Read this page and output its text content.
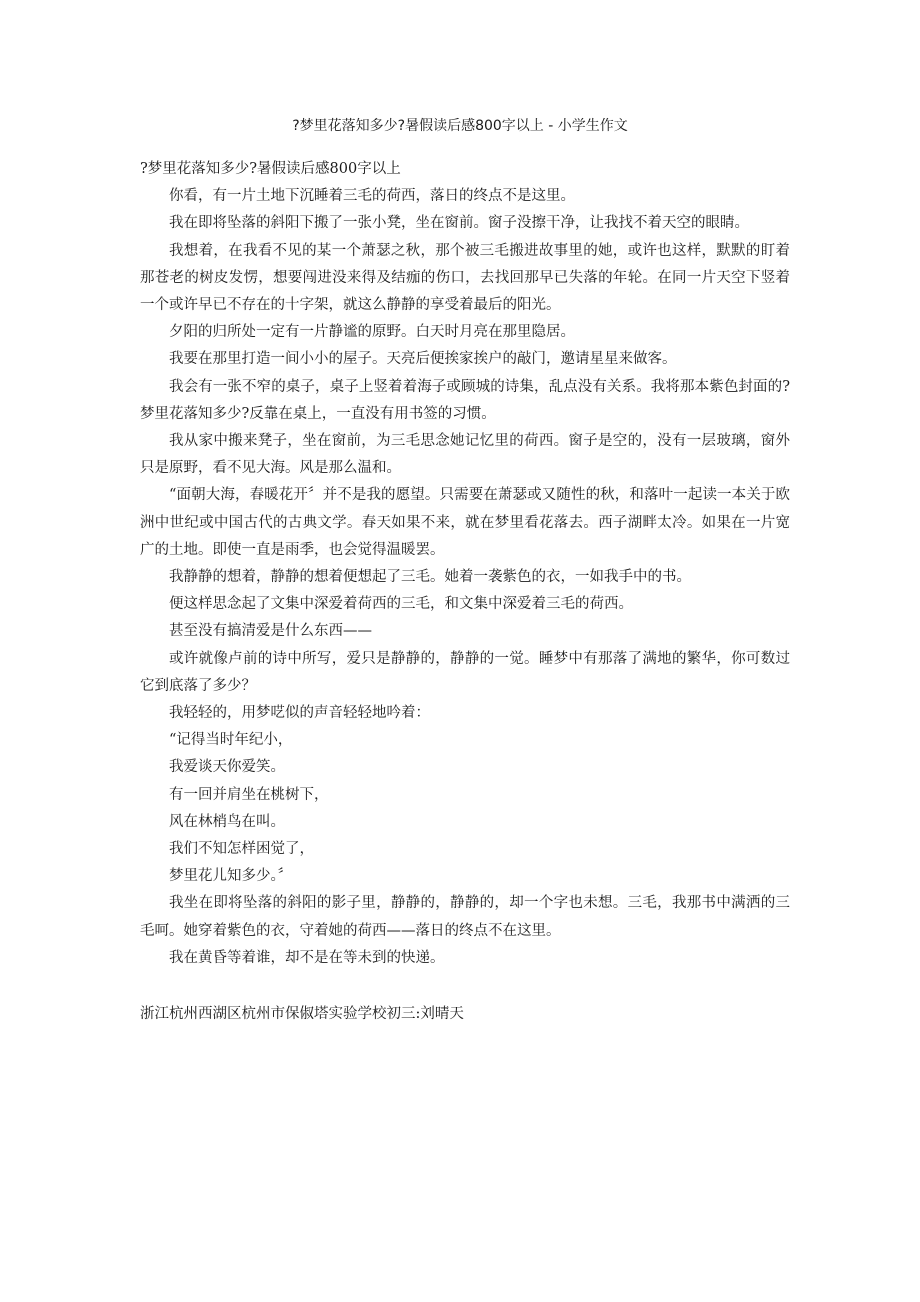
?梦里花落知多少?暑假读后感800字以上 - 小学生作文
?梦里花落知多少?暑假读后感800字以上

你看，有一片土地下沉睡着三毛的荷西，落日的终点不是这里。

我在即将坠落的斜阳下搬了一张小凳，坐在窗前。窗子没擦干净，让我找不着天空的眼睛。

我想着，在我看不见的某一个萧瑟之秋，那个被三毛搬进故事里的她，或许也这样，默默的盯着那苍老的树皮发愣，想要闯进没来得及结痂的伤口，去找回那早已失落的年轮。在同一片天空下竖着一个或许早已不存在的十字架，就这么静静的享受着最后的阳光。

夕阳的归所处一定有一片静谧的原野。白天时月亮在那里隐居。

我要在那里打造一间小小的屋子。天亮后便挨家挨户的敲门，邀请星星来做客。

我会有一张不窄的桌子，桌子上竖着着海子或顾城的诗集，乱点没有关系。我将那本紫色封面的?梦里花落知多少?反靠在桌上，一直没有用书签的习惯。

我从家中搬来凳子，坐在窗前，为三毛思念她记忆里的荷西。窗子是空的，没有一层玻璃，窗外只是原野，看不见大海。风是那么温和。

“面朝大海，春暖花开〞并不是我的愿望。只需要在萧瑟或又随性的秋，和落叶一起读一本关于欧洲中世纪或中国古代的古典文学。春天如果不来，就在梦里看花落去。西子湖畔太冷。如果在一片宽广的土地。即使一直是雨季，也会觉得温暖罢。

我静静的想着，静静的想着便想起了三毛。她着一袭紫色的衣，一如我手中的书。

便这样思念起了文集中深爱着荷西的三毛，和文集中深爱着三毛的荷西。

甚至没有搞清爱是什么东西——

或许就像卢前的诗中所写，爱只是静静的，静静的一觉。睡梦中有那落了满地的繁华，你可数过它到底落了多少？

我轻轻的，用梦呓似的声音轻轻地吟着：

“记得当时年纪小，

我爱谈天你爱笑。

有一回并肩坐在桃树下，

风在林梢鸟在叫。

我们不知怎样困觉了，

梦里花儿知多少。〞

我坐在即将坠落的斜阳的影子里，静静的，静静的，却一个字也未想。三毛，我那书中满洒的三毛呵。她穿着紫色的衣，守着她的荷西——落日的终点不在这里。

我在黄昏等着谁，却不是在等未到的快递。

浙江杭州西湖区杭州市保俶塔实验学校初三:刘晴天
